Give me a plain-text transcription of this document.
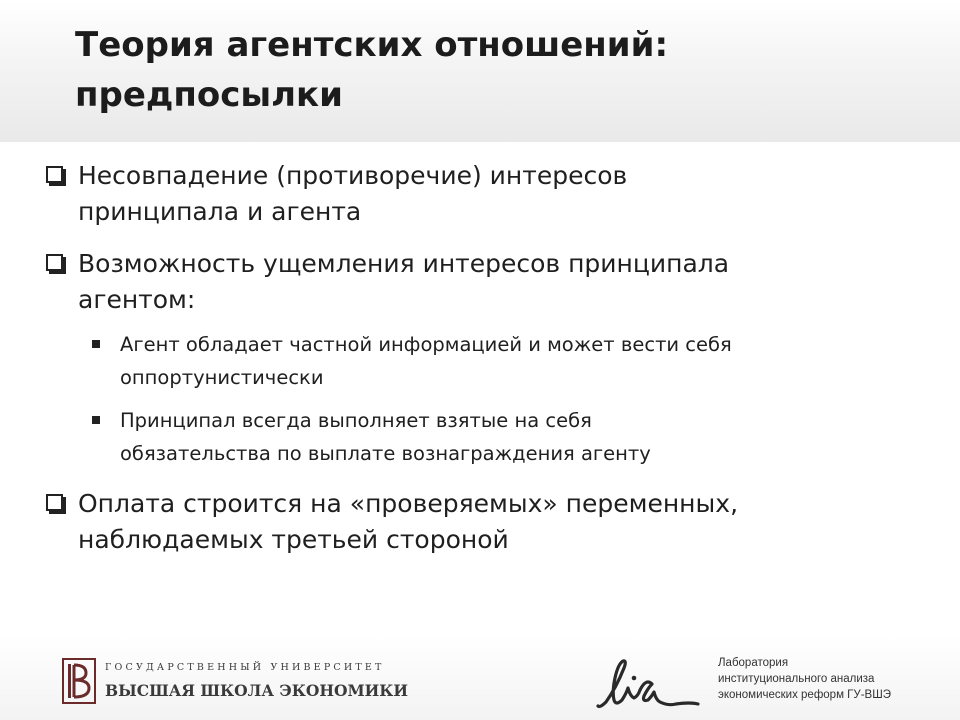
Теория агентских отношений:
предпосылки
Несовпадение (противоречие) интересов
принципала и агента
Возможность ущемления интересов принципала
агентом:
Агент обладает частной информацией и может вести себя
оппортунистически
Принципал всегда выполняет взятые на себя
обязательства по выплате вознаграждения агенту
Оплата строится на «проверяемых» переменных,
наблюдаемых третьей стороной
ГОСУДАРСТВЕННЫЙ УНИВЕРСИТЕТ
ВЫСШАЯ ШКОЛА ЭКОНОМИКИ
lia
Лаборатория
институционального анализа
экономических реформ ГУ-ВШЭ
